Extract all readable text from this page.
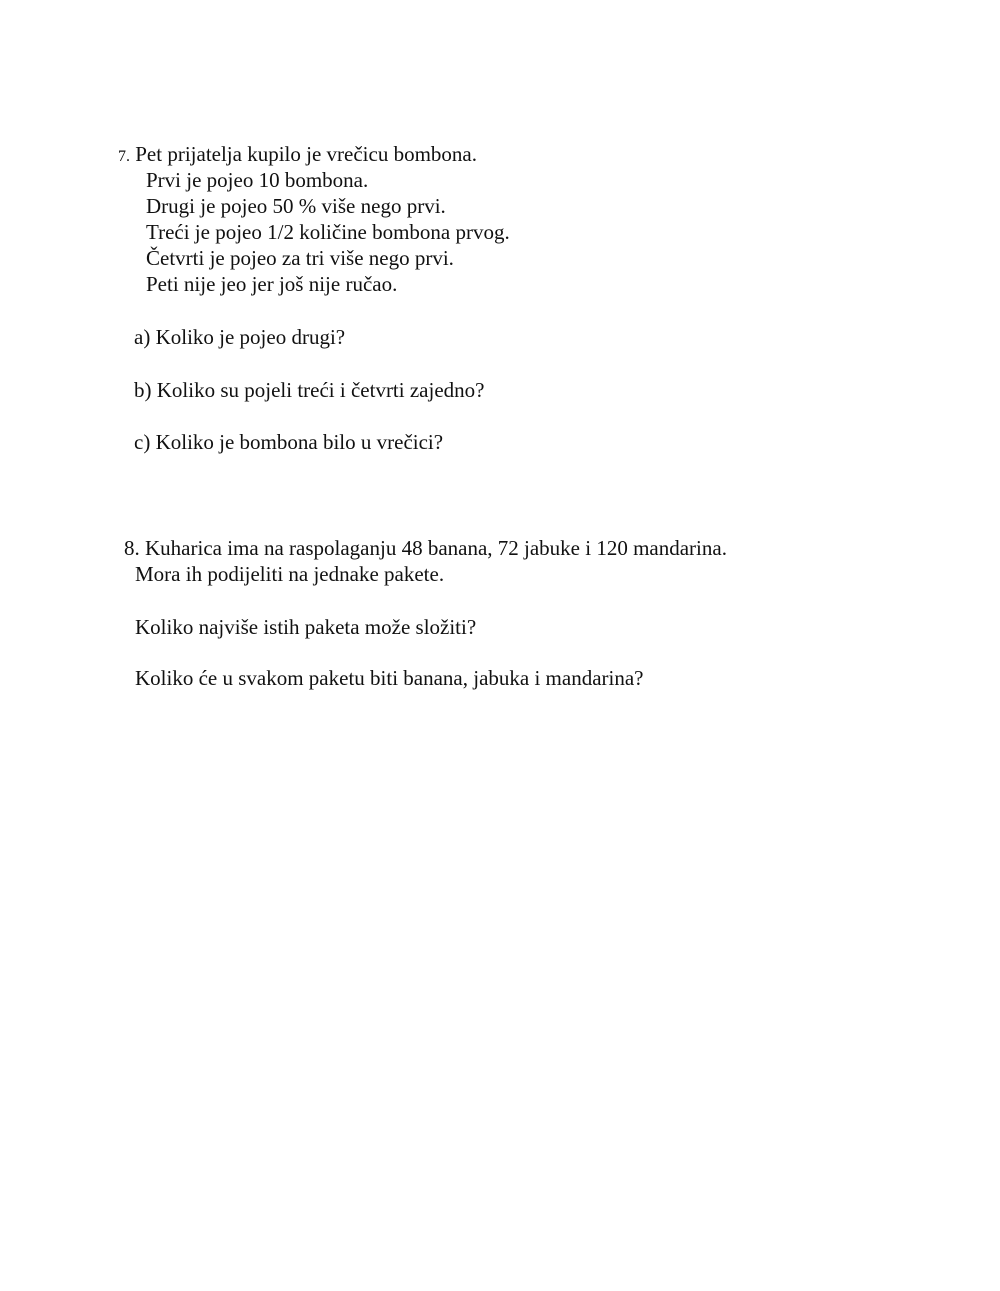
7. Pet prijatelja kupilo je vrečicu bombona.
Prvi je pojeo 10 bombona.
Drugi je pojeo 50 % više nego prvi.
Treći je pojeo 1/2 količine bombona prvog.
Četvrti je pojeo za tri više nego prvi.
Peti nije jeo jer još nije ručao.
a) Koliko je pojeo drugi?
b) Koliko su pojeli treći i četvrti zajedno?
c) Koliko je bombona bilo u vrečici?
8. Kuharica ima na raspolaganju 48 banana, 72 jabuke i 120 mandarina.
Mora ih podijeliti na jednake pakete.
Koliko najviše istih paketa može složiti?
Koliko će u svakom paketu biti banana, jabuka i mandarina?
